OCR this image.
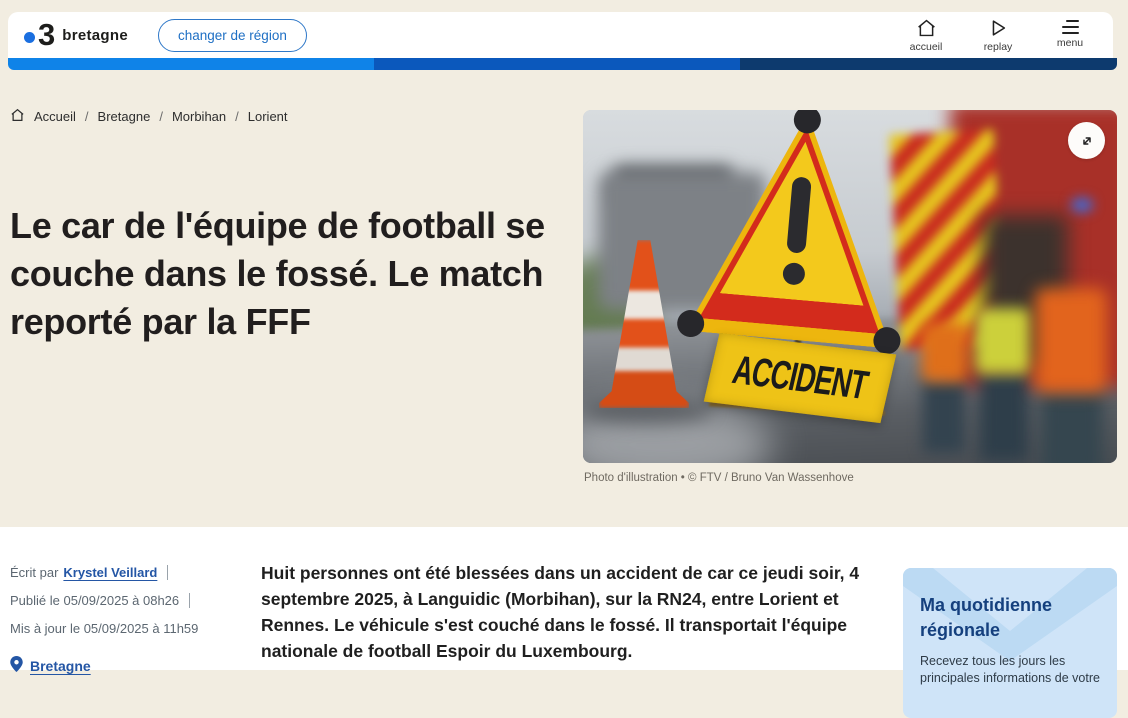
3 bretagne	changer de région
accueil	replay	menu
Accueil / Bretagne / Morbihan / Lorient
Le car de l'équipe de football se couche dans le fossé. Le match reporté par la FFF
ACCIDENT
Photo d'illustration • © FTV / Bruno Van Wassenhove
Écrit par Krystel Veillard
Publié le 05/09/2025 à 08h26
Mis à jour le 05/09/2025 à 11h59
Bretagne

Huit personnes ont été blessées dans un accident de car ce jeudi soir, 4 septembre 2025, à Languidic (Morbihan), sur la RN24, entre Lorient et Rennes. Le véhicule s'est couché dans le fossé. Il transportait l'équipe nationale de football Espoir du Luxembourg.

Ma quotidienne régionale
Recevez tous les jours les principales informations de votre
